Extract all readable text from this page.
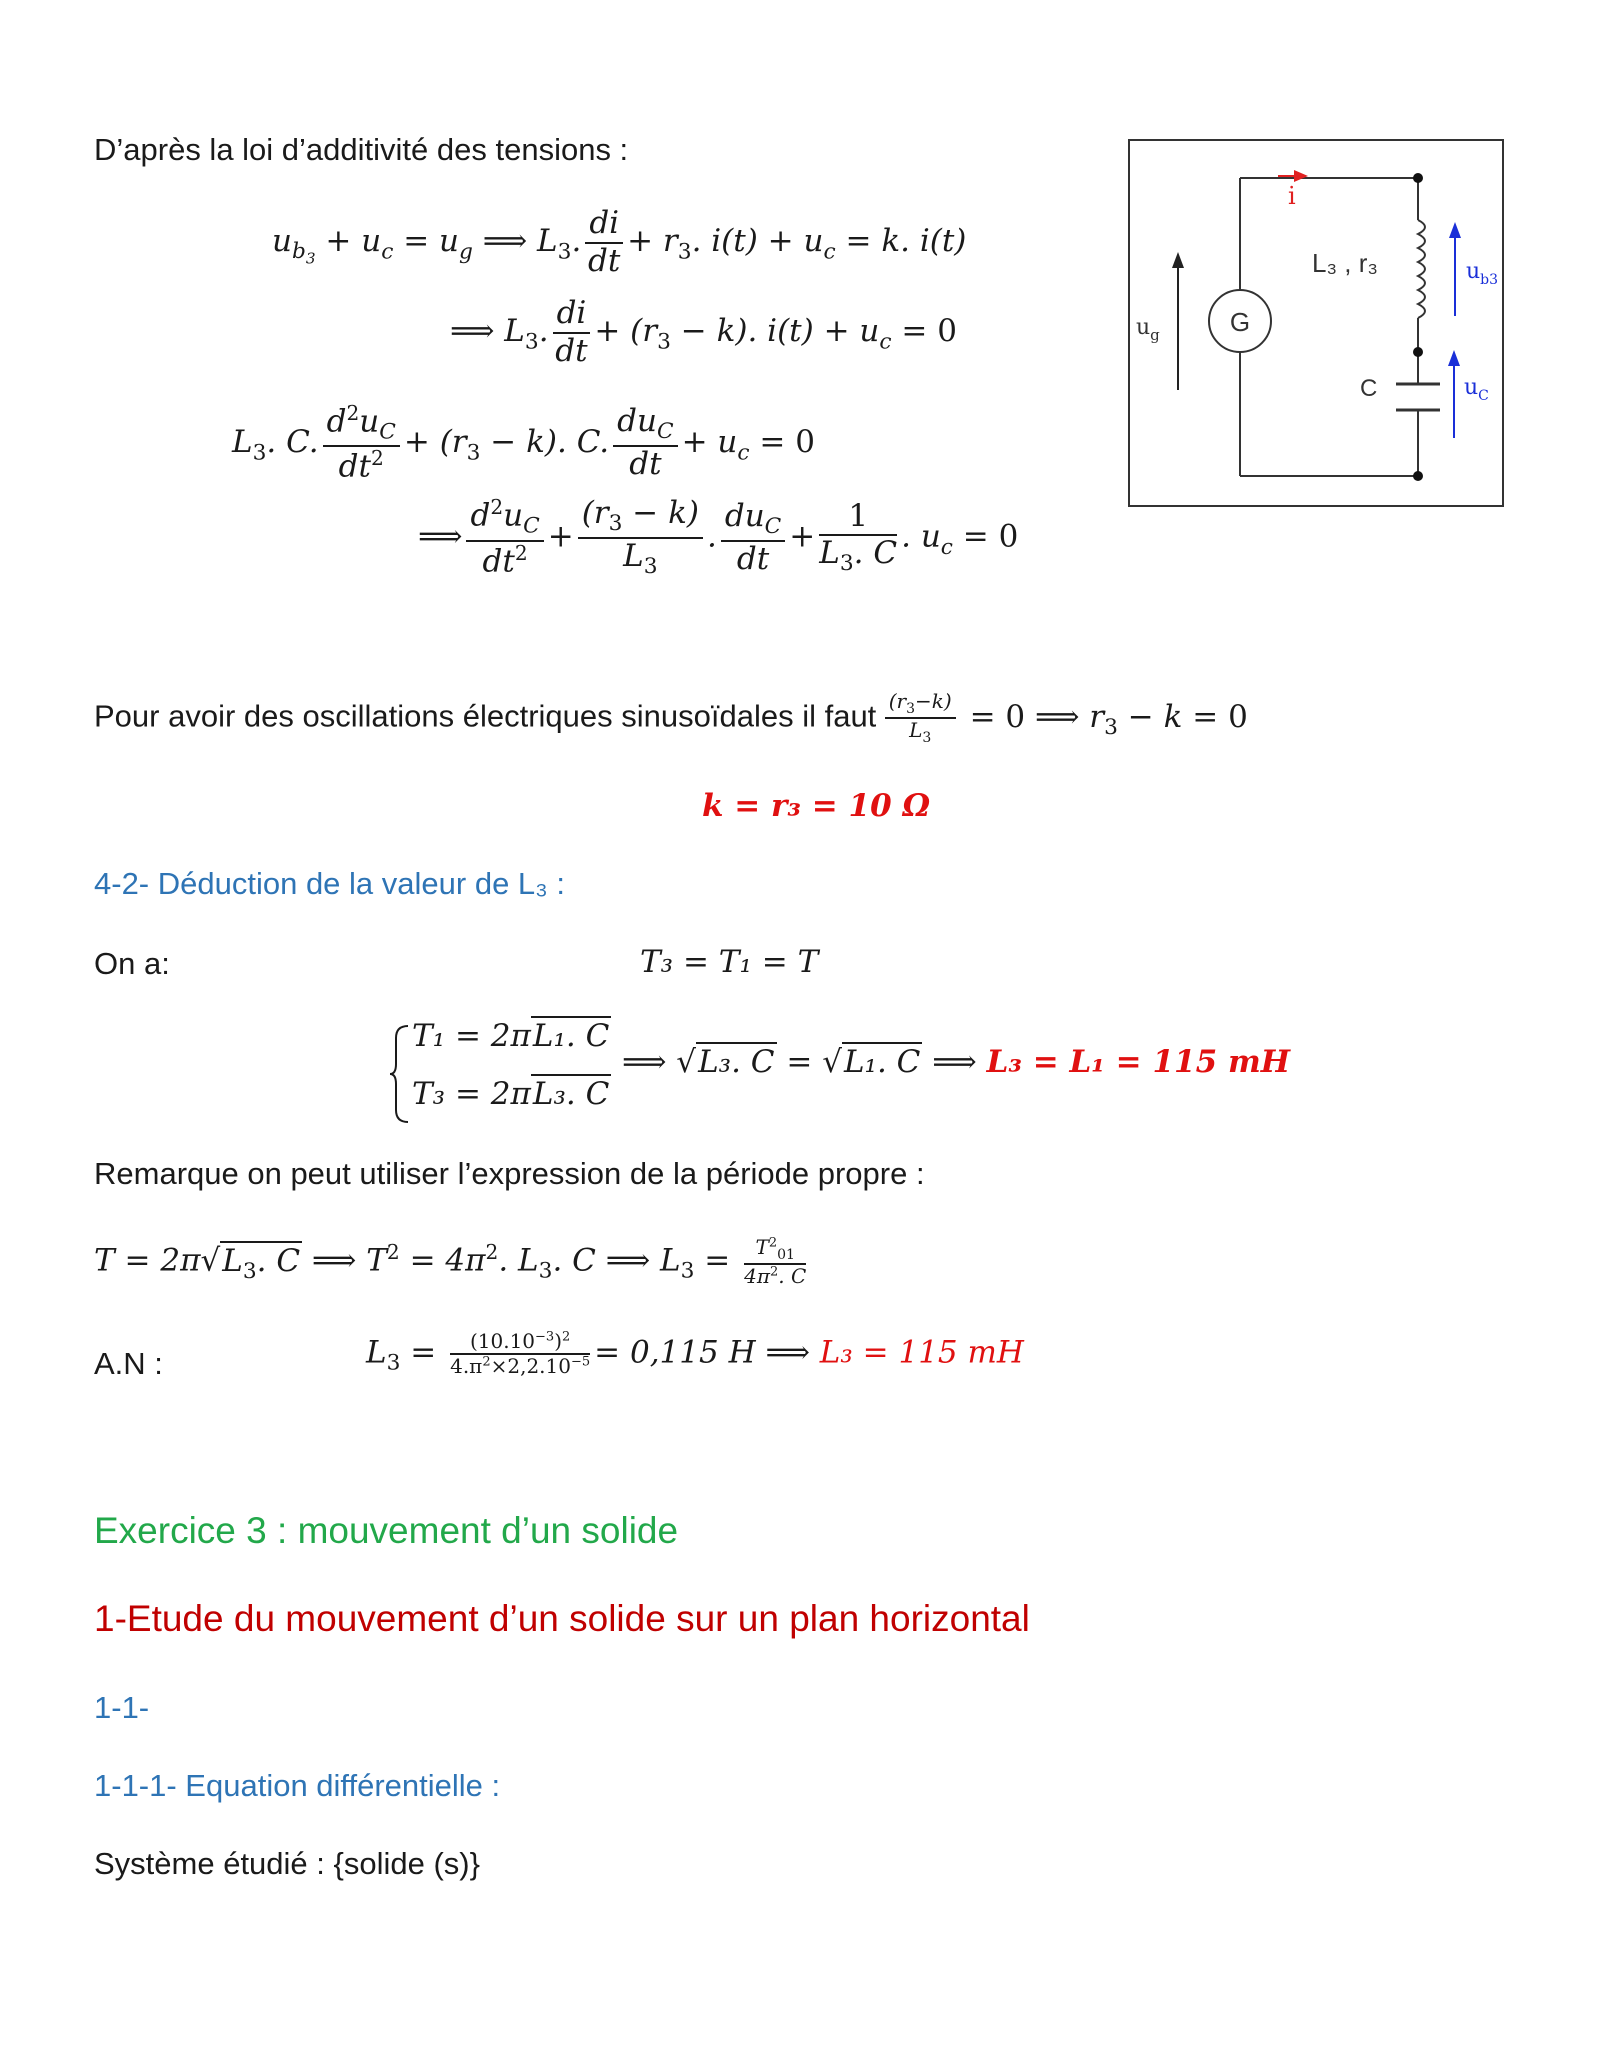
D’après la loi d’additivité des tensions :
$u_{b_3} + u_c = u_g$ ⟹ $L_3$. $\frac{di}{dt} + r_3$. $i(t) + u_c = k$. i(t)
⟹ $L_3$. $\frac{di}{dt} + (r_3 - k)$. $i(t) + u_c = 0$
$L_3$. C. $\frac{d^2u_C}{dt^2} + (r_3 - k)$. C. $\frac{du_C}{dt} + u_c = 0$
⟹ $\frac{d^2u_C}{dt^2} + \frac{(r_3 - k)}{L_3}$ . $\frac{du_C}{dt} + \frac{1}{L_3. C}$ . $u_c = 0$
G
i
$u_g$
L₃ , r₃	$u_{b3}$
$u_C$
C
Pour avoir des oscillations électriques sinusoïdales il faut $\frac{(r_3-k)}{L_3} = 0$ ⟹ $r_3 - k = 0$
k = r₃ = 10 Ω
4-2- Déduction de la valeur de L₃ :
On a:	T₃ = T₁ = T
T₁ = 2πL₁. C
T₃ = 2πL₃. C
⟹ √L₃. C = √L₁. C ⟹ L₃ = L₁ = 115 mH
Remarque on peut utiliser l’expression de la période propre :
$T = 2\pi√L_3$. C ⟹ $T^2 = 4\pi^2$. $L_3$. C ⟹ $L_3 = \frac{T^2_{01}}{4\pi^2. C}$
A.N :	$L_3 = \frac{(10.10^{-3})^2}{4.\pi^2\times 2,2.10^{-5}} = 0,115$ H ⟹ L₃ = 115 mH
Exercice 3 : mouvement d’un solide
1-Etude du mouvement d’un solide sur un plan horizontal
1-1-
1-1-1- Equation différentielle :
Système étudié : {solide (s)}
